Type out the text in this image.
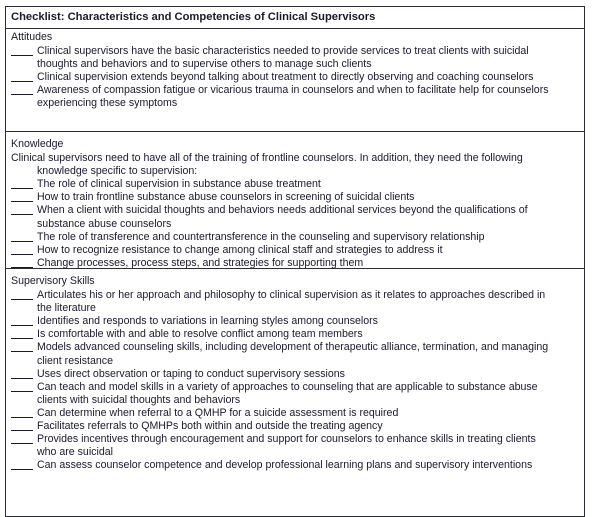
Checklist: Characteristics and Competencies of Clinical Supervisors
Attitudes
Clinical supervisors have the basic characteristics needed to provide services to treat clients with suicidal
thoughts and behaviors and to supervise others to manage such clients
Clinical supervision extends beyond talking about treatment to directly observing and coaching counselors
Awareness of compassion fatigue or vicarious trauma in counselors and when to facilitate help for counselors
experiencing these symptoms
Knowledge
Clinical supervisors need to have all of the training of frontline counselors. In addition, they need the following
knowledge specific to supervision:
The role of clinical supervision in substance abuse treatment
How to train frontline substance abuse counselors in screening of suicidal clients
When a client with suicidal thoughts and behaviors needs additional services beyond the qualifications of
substance abuse counselors
The role of transference and countertransference in the counseling and supervisory relationship
How to recognize resistance to change among clinical staff and strategies to address it
Change processes, process steps, and strategies for supporting them
Supervisory Skills
Articulates his or her approach and philosophy to clinical supervision as it relates to approaches described in
the literature
Identifies and responds to variations in learning styles among counselors
Is comfortable with and able to resolve conflict among team members
Models advanced counseling skills, including development of therapeutic alliance, termination, and managing
client resistance
Uses direct observation or taping to conduct supervisory sessions
Can teach and model skills in a variety of approaches to counseling that are applicable to substance abuse
clients with suicidal thoughts and behaviors
Can determine when referral to a QMHP for a suicide assessment is required
Facilitates referrals to QMHPs both within and outside the treating agency
Provides incentives through encouragement and support for counselors to enhance skills in treating clients
who are suicidal
Can assess counselor competence and develop professional learning plans and supervisory interventions
